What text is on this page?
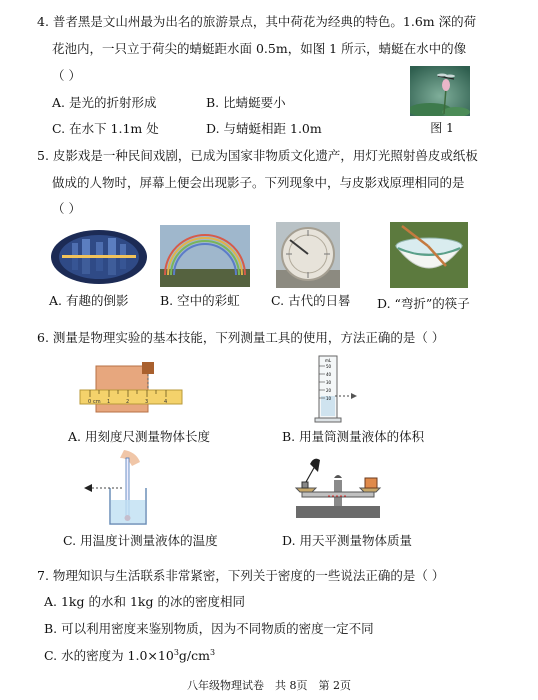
4. 普者黑是文山州最为出名的旅游景点，其中荷花为经典的特色。1.6m 深的荷
花池内，一只立于荷尖的蜻蜓距水面 0.5m，如图 1 所示，蜻蜓在水中的像
（ ）
A. 是光的折射形成	B. 比蜻蜓要小
C. 在水下 1.1m 处	D. 与蜻蜓相距 1.0m	图 1
5. 皮影戏是一种民间戏剧，已成为国家非物质文化遗产，用灯光照射兽皮或纸板
做成的人物时，屏幕上便会出现影子。下列现象中，与皮影戏原理相同的是
（ ）
A. 有趣的倒影	B. 空中的彩虹	C. 古代的日晷 D. “弯折”的筷子
6. 测量是物理实验的基本技能，下列测量工具的使用，方法正确的是（ ）
0 cm 1	2	3	4
A. 用刻度尺测量物体长度
mL
50
40
30
20
10
B. 用量筒测量液体的体积
C. 用温度计测量液体的温度	D. 用天平测量物体质量
7. 物理知识与生活联系非常紧密，下列关于密度的一些说法正确的是（ ）
A. 1kg 的水和 1kg 的冰的密度相同
B. 可以利用密度来鉴别物质，因为不同物质的密度一定不同
C. 水的密度为 $1.0\times 10^3g/cm^3$
八年级物理试卷　共 8页　第 2页
